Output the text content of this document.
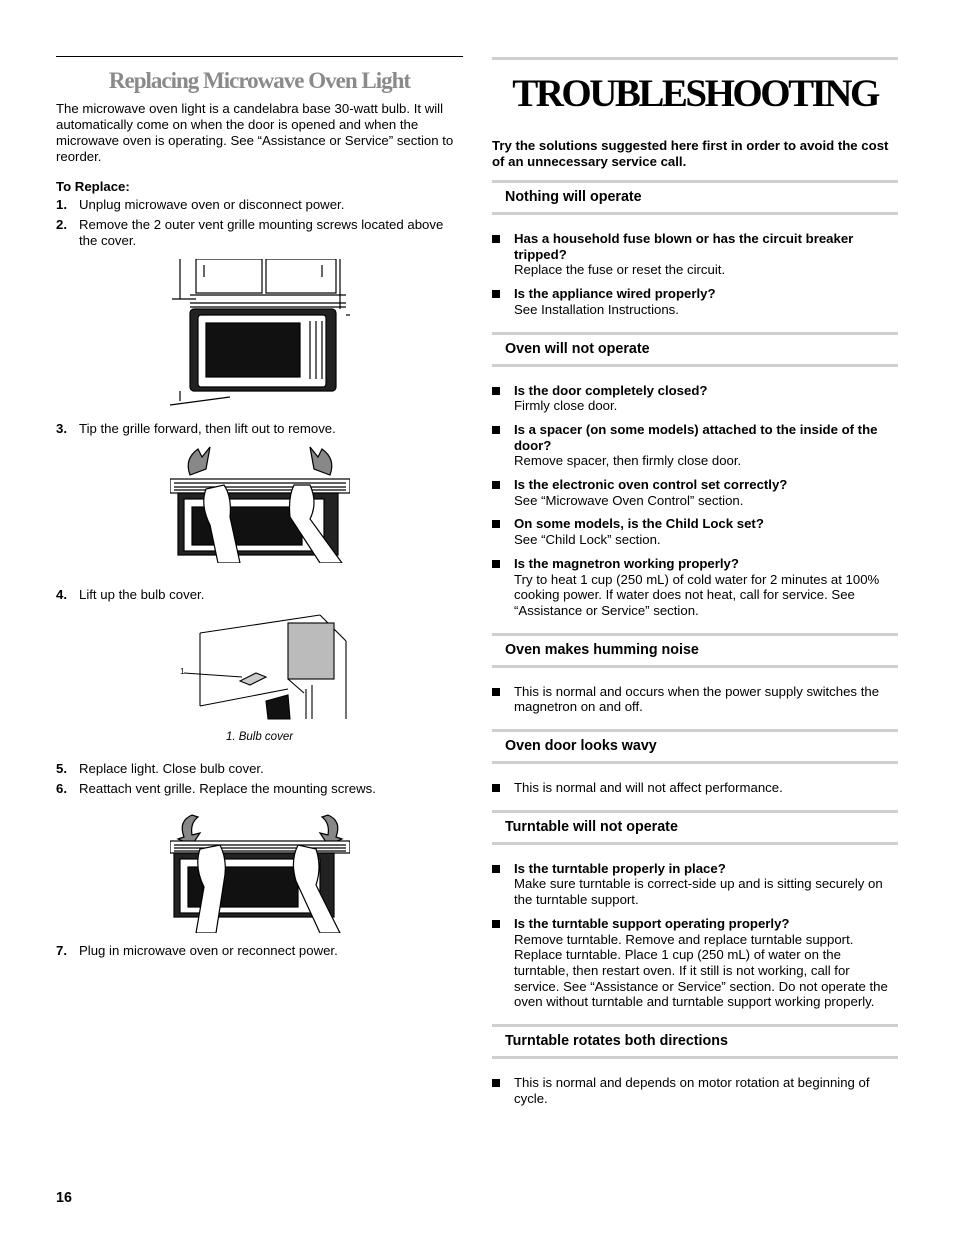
Replacing Microwave Oven Light
The microwave oven light is a candelabra base 30-watt bulb. It will automatically come on when the door is opened and when the microwave oven is operating. See “Assistance or Service” section to reorder.
To Replace:
1. Unplug microwave oven or disconnect power.
2. Remove the 2 outer vent grille mounting screws located above the cover.
3. Tip the grille forward, then lift out to remove.
4. Lift up the bulb cover.
1
1. Bulb cover
5. Replace light. Close bulb cover.
6. Reattach vent grille. Replace the mounting screws.
7. Plug in microwave oven or reconnect power.
TROUBLESHOOTING
Try the solutions suggested here first in order to avoid the cost of an unnecessary service call.
Nothing will operate
Has a household fuse blown or has the circuit breaker tripped?
Replace the fuse or reset the circuit.
Is the appliance wired properly?
See Installation Instructions.
Oven will not operate
Is the door completely closed?
Firmly close door.
Is a spacer (on some models) attached to the inside of the door?
Remove spacer, then firmly close door.
Is the electronic oven control set correctly?
See “Microwave Oven Control” section.
On some models, is the Child Lock set?
See “Child Lock” section.
Is the magnetron working properly?
Try to heat 1 cup (250 mL) of cold water for 2 minutes at 100% cooking power. If water does not heat, call for service. See “Assistance or Service” section.
Oven makes humming noise
This is normal and occurs when the power supply switches the magnetron on and off.
Oven door looks wavy
This is normal and will not affect performance.
Turntable will not operate
Is the turntable properly in place?
Make sure turntable is correct-side up and is sitting securely on the turntable support.
Is the turntable support operating properly?
Remove turntable. Remove and replace turntable support. Replace turntable. Place 1 cup (250 mL) of water on the turntable, then restart oven. If it still is not working, call for service. See “Assistance or Service” section. Do not operate the oven without turntable and turntable support working properly.
Turntable rotates both directions
This is normal and depends on motor rotation at beginning of cycle.
16
